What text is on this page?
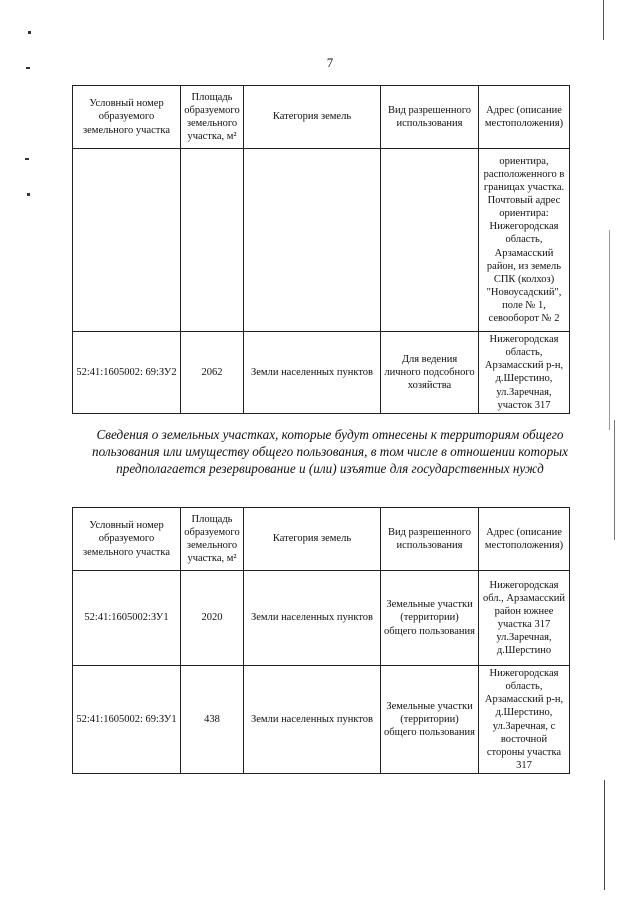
7
Условный номер образуемого земельного участка	Площадь образуемого земельного участка, м²	Категория земель	Вид разрешенного использования	Адрес (описание местоположения)
				ориентира, расположенного в границах участка. Почтовый адрес ориентира: Нижегородская область, Арзамасский район, из земель СПК (колхоз) "Новоусадский", поле № 1, севооборот № 2
52:41:1605002: 69:ЗУ2	2062	Земли населенных пунктов	Для ведения личного подсобного хозяйства	Нижегородская область, Арзамасский р-н, д.Шерстино, ул.Заречная, участок 317
Сведения о земельных участках, которые будут отнесены к территориям общего пользования или имуществу общего пользования, в том числе в отношении которых предполагается резервирование и (или) изъятие для государственных нужд
Условный номер образуемого земельного участка	Площадь образуемого земельного участка, м²	Категория земель	Вид разрешенного использования	Адрес (описание местоположения)
52:41:1605002:ЗУ1	2020	Земли населенных пунктов	Земельные участки (территории) общего пользования	Нижегородская обл., Арзамасский район южнее участка 317 ул.Заречная, д.Шерстино
52:41:1605002: 69:ЗУ1	438	Земли населенных пунктов	Земельные участки (территории) общего пользования	Нижегородская область, Арзамасский р-н, д.Шерстино, ул.Заречная, с восточной стороны участка 317
